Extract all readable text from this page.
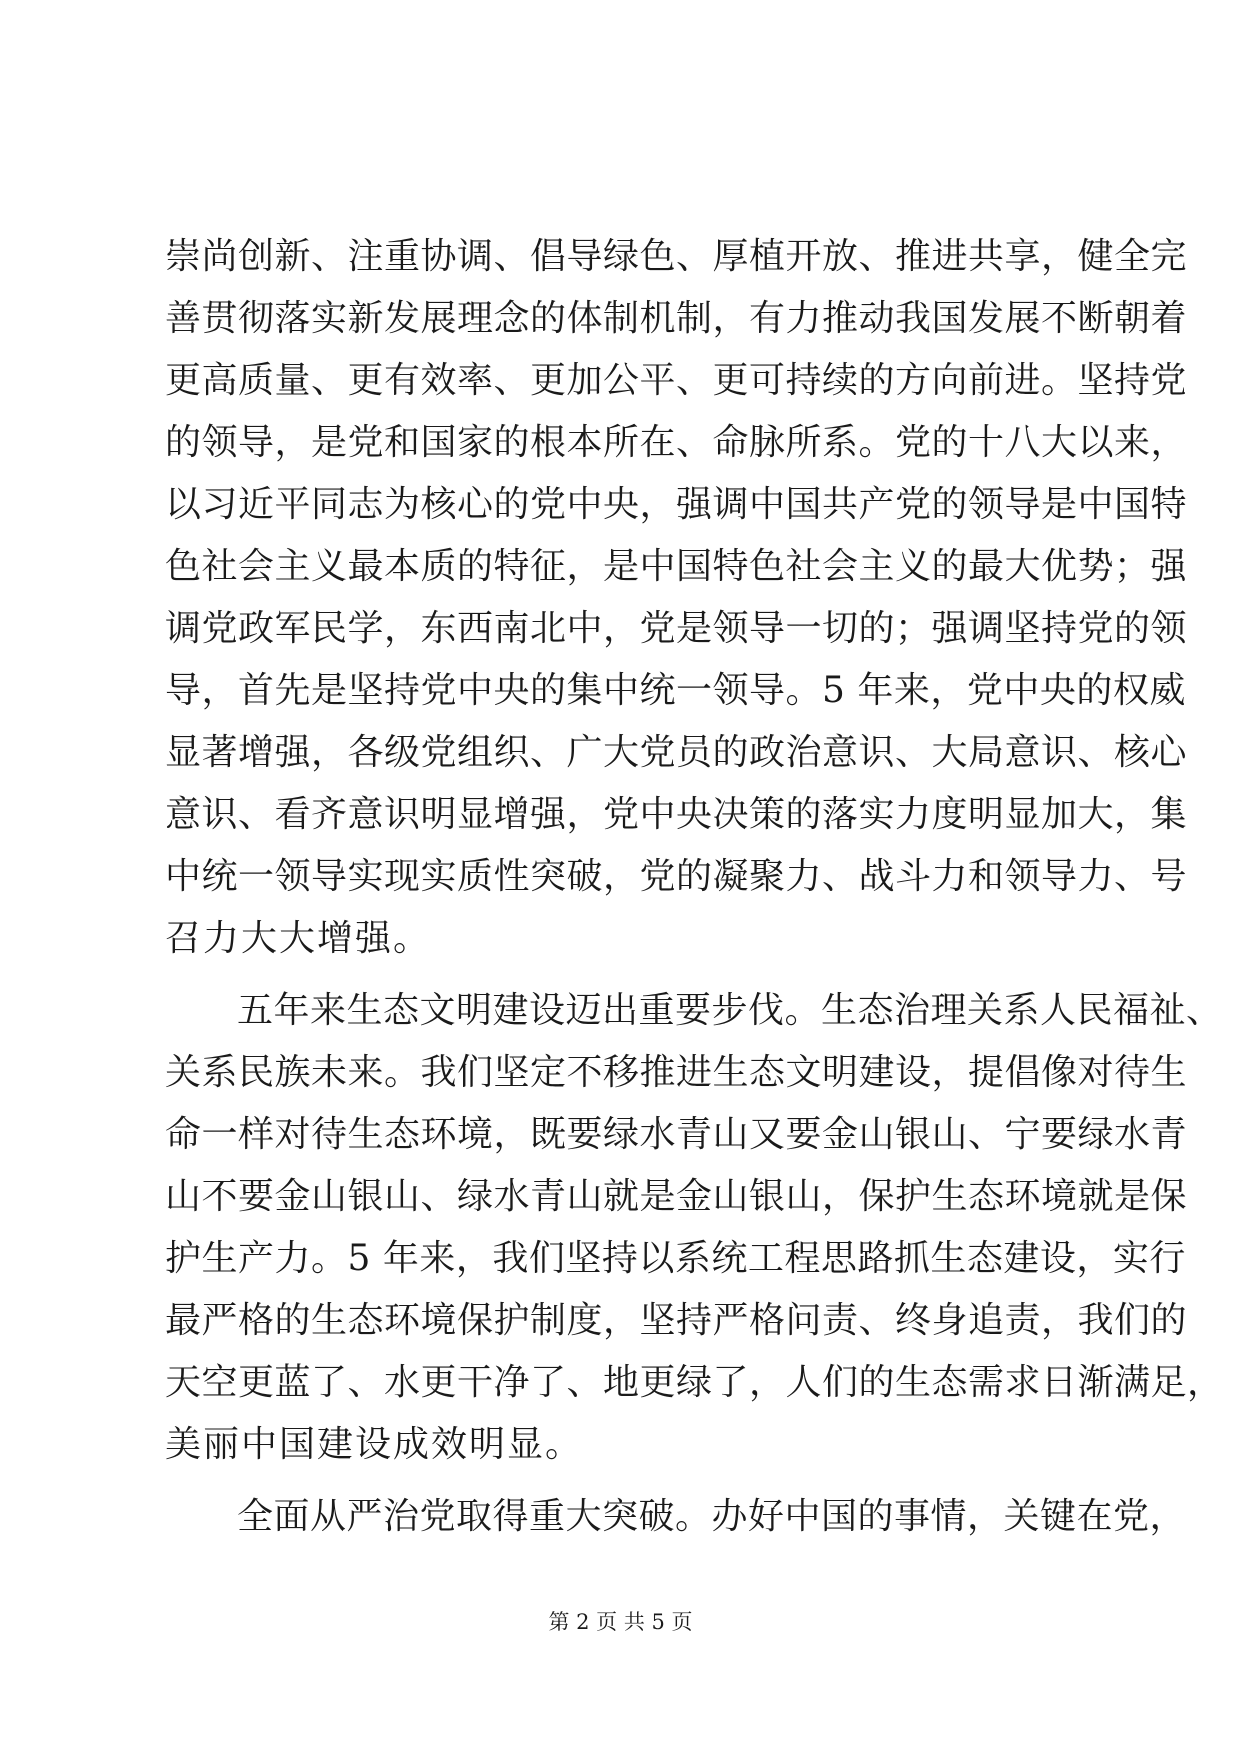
崇尚创新、注重协调、倡导绿色、厚植开放、推进共享，健全完
善贯彻落实新发展理念的体制机制，有力推动我国发展不断朝着
更高质量、更有效率、更加公平、更可持续的方向前进。坚持党
的领导，是党和国家的根本所在、命脉所系。党的十八大以来，
以习近平同志为核心的党中央，强调中国共产党的领导是中国特
色社会主义最本质的特征，是中国特色社会主义的最大优势；强
调党政军民学，东西南北中，党是领导一切的；强调坚持党的领
导，首先是坚持党中央的集中统一领导。5 年来，党中央的权威
显著增强，各级党组织、广大党员的政治意识、大局意识、核心
意识、看齐意识明显增强，党中央决策的落实力度明显加大，集
中统一领导实现实质性突破，党的凝聚力、战斗力和领导力、号
召力大大增强。
五年来生态文明建设迈出重要步伐。生态治理关系人民福祉、
关系民族未来。我们坚定不移推进生态文明建设，提倡像对待生
命一样对待生态环境，既要绿水青山又要金山银山、宁要绿水青
山不要金山银山、绿水青山就是金山银山，保护生态环境就是保
护生产力。5 年来，我们坚持以系统工程思路抓生态建设，实行
最严格的生态环境保护制度，坚持严格问责、终身追责，我们的
天空更蓝了、水更干净了、地更绿了，人们的生态需求日渐满足，
美丽中国建设成效明显。
全面从严治党取得重大突破。办好中国的事情，关键在党，
第 2 页 共 5 页
